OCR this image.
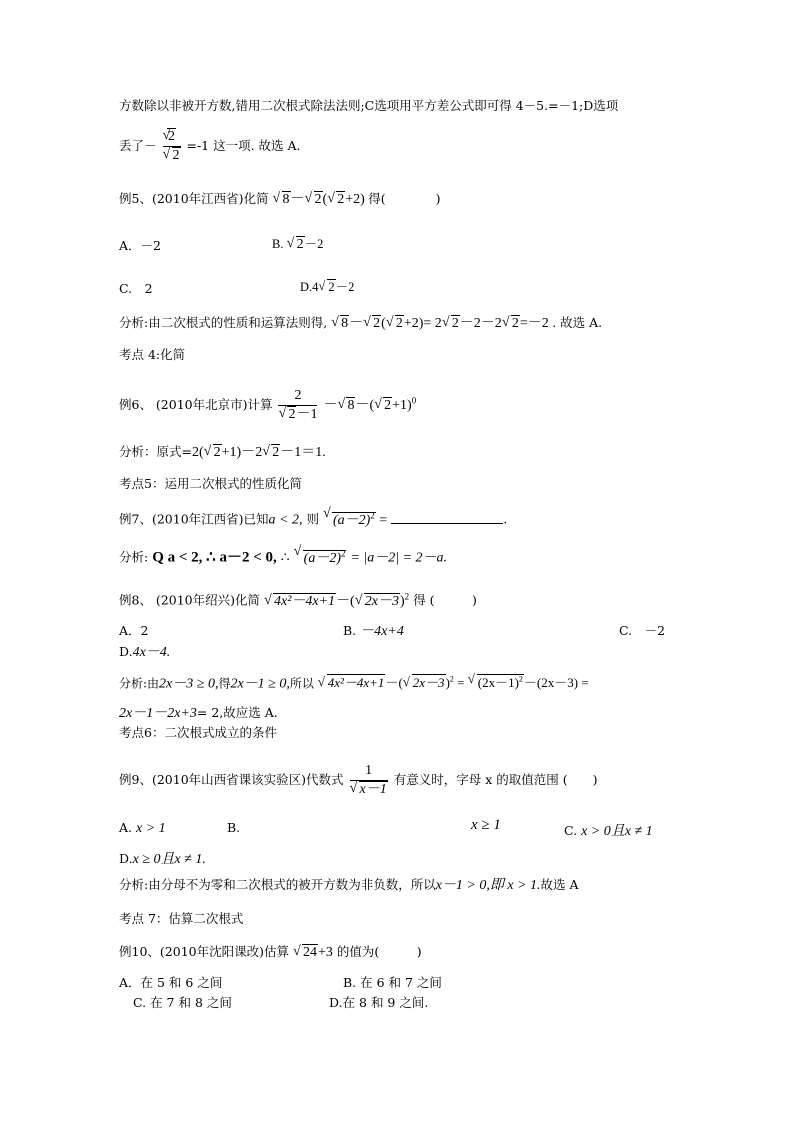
方数除以非被开方数,错用二次根式除法法则;C选项用平方差公式即可得 4－5.=－1;D选项
丢了－ √ 2
√ 2 =-1 这一项. 故选 A.
例5、(2010年江西省)化简 √ 8－ √ 2( √ 2+2) 得(　　　　)
A．－2	B. √ 2－2
C.　2	D.4 √ 2－2
分析:由二次根式的性质和运算法则得, √ 8－ √ 2( √ 2+2)= 2 √ 2－2－2 √ 2=－2 . 故选 A.
考点 4:化简
例6、 (2010年北京市)计算 2
√ 2－1 － √ 8－( √ 2+1)$^0$
分析：原式=2( √ 2+1)－2 √ 2－1＝1.
考点5：运用二次根式的性质化简
例7、(2010年江西省)已知a < 2, 则 √ $(a-2)^2$ =	.
分析: Q a < 2, ∴ a－2 < 0, ∴ √ $(a-2)^2 = |a-2| = 2-a$.
例8、 (2010年绍兴)化简 √ 4x²－4x+1－( √ 2x－3)$^2$ 得 (　　　)
A．2	B. －4x+4	C.　－2
D.4x－4.
分析:由2x－3 ≥ 0,得2x－1 ≥ 0,所以 √ 4x²－4x+1－( √ 2x－3)$^2$ = √ $(2x-1)^2-(2x-3)$ =
2x－1－2x+3= 2,故应选 A.
考点6：二次根式成立的条件
例9、(2010年山西省课该实验区)代数式 1
√ x－1 有意义时，字母 x 的取值范围 (　　)
A. x > 1	B.	x ≥ 1	C. x > 0且x ≠ 1
D.x ≥ 0且x ≠ 1.
分析:由分母不为零和二次根式的被开方数为非负数，所以x－1 > 0,即 x > 1.故选 A
考点 7：估算二次根式
例10、(2010年沈阳课改)估算 √ 24+3 的值为(　　　)
A．在 5 和 6 之间	B. 在 6 和 7 之间
C. 在 7 和 8 之间	D.在 8 和 9 之间.
